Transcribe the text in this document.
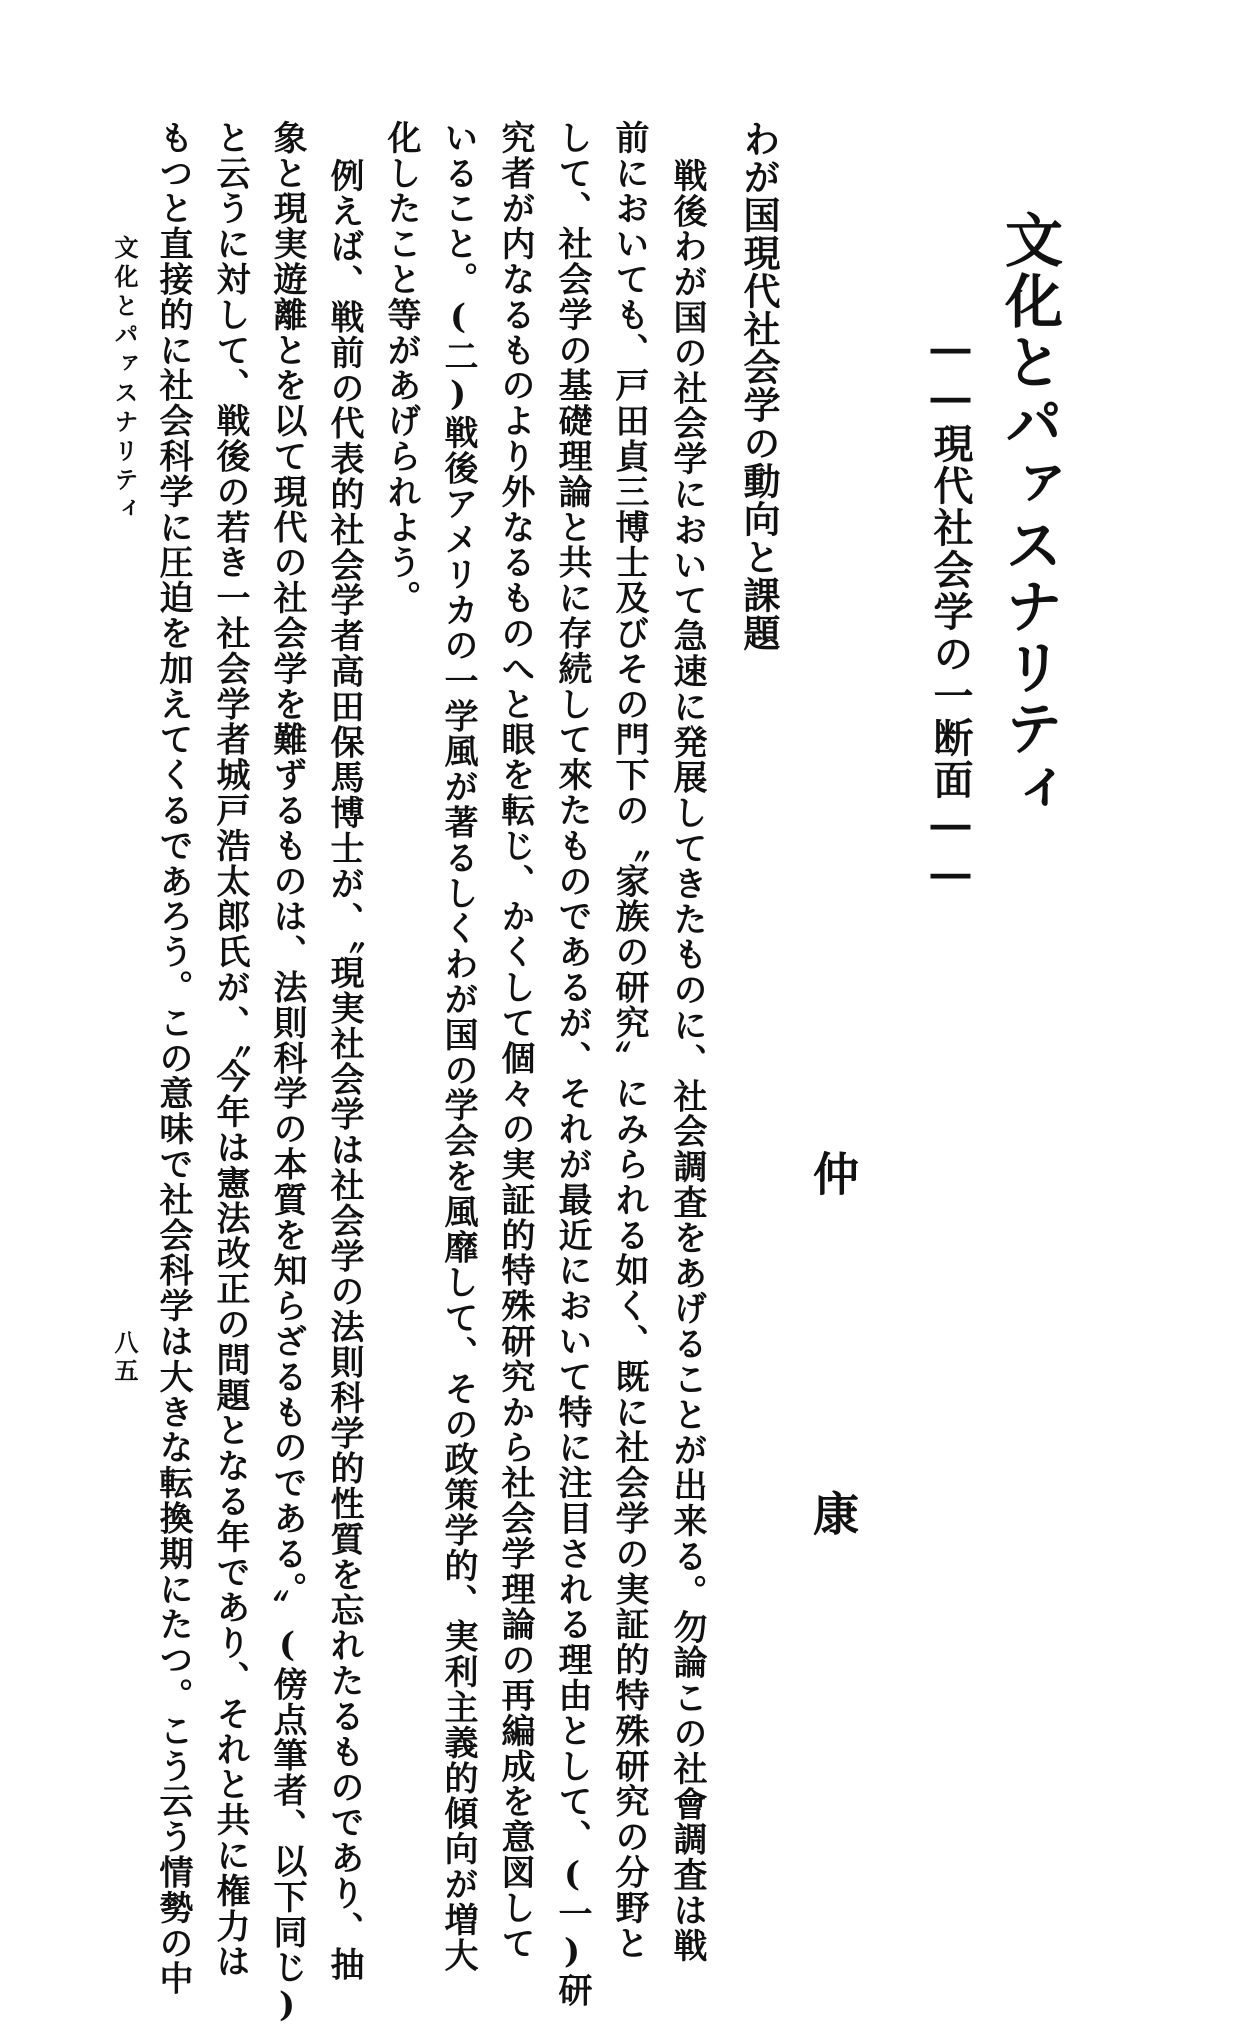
文化とパァスナリティ
――現代社会学の一断面――
仲
康
わが国現代社会学の動向と課題
戦後わが国の社会学において急速に発展してきたものに、社会調査をあげることが出来る。勿論この社會調査は戦
前においても、戸田貞三博士及びその門下の〝家族の研究〟にみられる如く、既に社会学の実証的特殊研究の分野と
して、社会学の基礎理論と共に存続して來たものであるが、それが最近において特に注目される理由として、(一)研
究者が内なるものより外なるものへと眼を転じ、かくして個々の実証的特殊研究から社会学理論の再編成を意図して
いること。(二)戦後アメリカの一学風が著るしくわが国の学会を風靡して、その政策学的、実利主義的傾向が増大
化したこと等があげられよう。
例えば、戦前の代表的社会学者高田保馬博士が、〝現実社会学は社会学の法則科学的性質を忘れたるものであり、抽
象と現実遊離とを以て現代の社会学を難ずるものは、法則科学の本質を知らざるものである。〟(傍点筆者、以下同じ)
と云うに対して、戦後の若き一社会学者城戸浩太郎氏が、〝今年は憲法改正の問題となる年であり、それと共に権力は
もつと直接的に社会科学に圧迫を加えてくるであろう。この意味で社会科学は大きな転換期にたつ。こう云う情勢の中
文化とパァスナリティ
八五
